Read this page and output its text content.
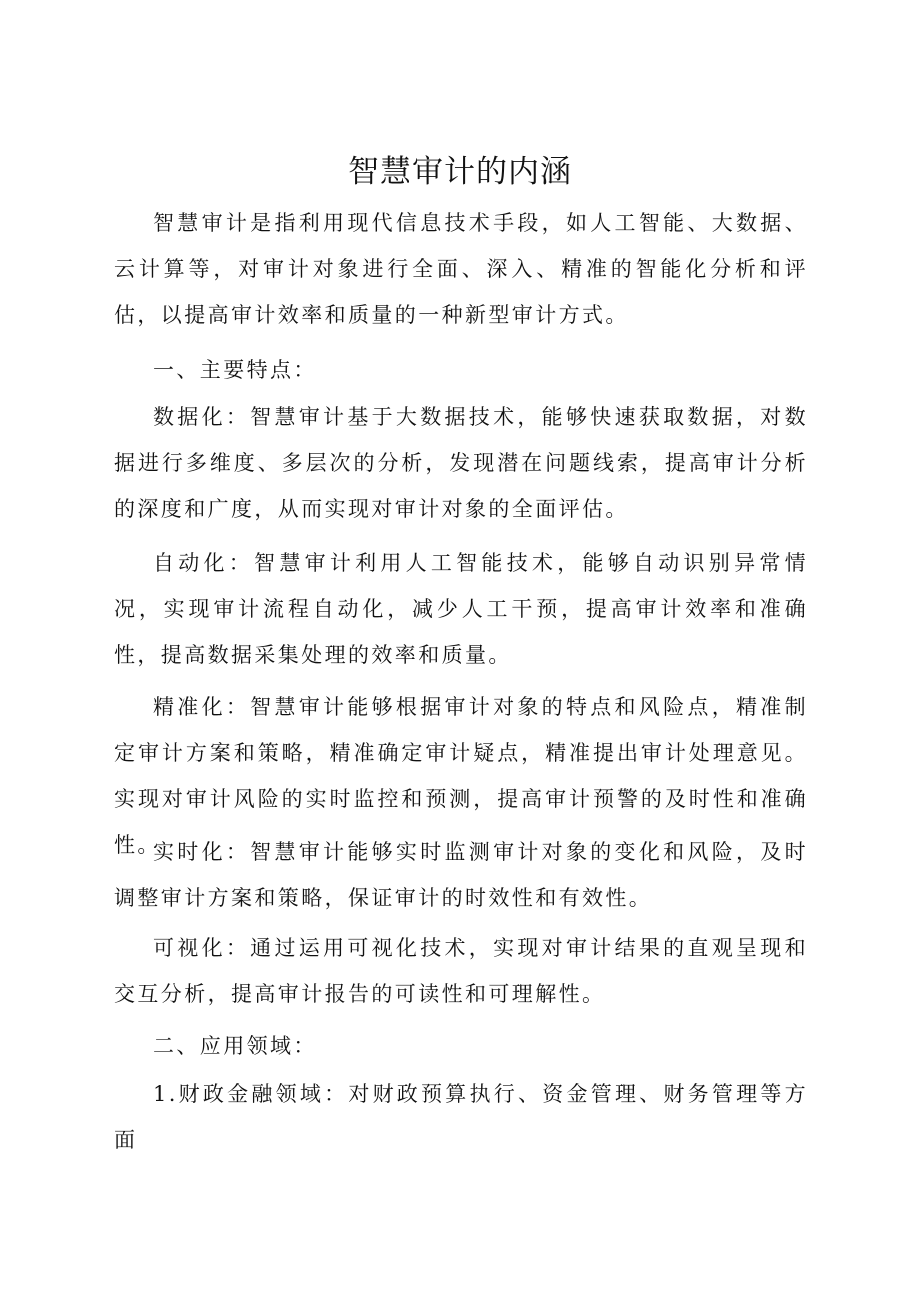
智慧审计的内涵

智慧审计是指利用现代信息技术手段，如人工智能、大数据、云计算等，对审计对象进行全面、深入、精准的智能化分析和评估，以提高审计效率和质量的一种新型审计方式。

一、主要特点：

数据化：智慧审计基于大数据技术，能够快速获取数据，对数据进行多维度、多层次的分析，发现潜在问题线索，提高审计分析的深度和广度，从而实现对审计对象的全面评估。

自动化：智慧审计利用人工智能技术，能够自动识别异常情况，实现审计流程自动化，减少人工干预，提高审计效率和准确性，提高数据采集处理的效率和质量。

精准化：智慧审计能够根据审计对象的特点和风险点，精准制定审计方案和策略，精准确定审计疑点，精准提出审计处理意见。实现对审计风险的实时监控和预测，提高审计预警的及时性和准确性。

实时化：智慧审计能够实时监测审计对象的变化和风险，及时调整审计方案和策略，保证审计的时效性和有效性。

可视化：通过运用可视化技术，实现对审计结果的直观呈现和交互分析，提高审计报告的可读性和可理解性。

二、应用领域：

1.财政金融领域：对财政预算执行、资金管理、财务管理等方面
